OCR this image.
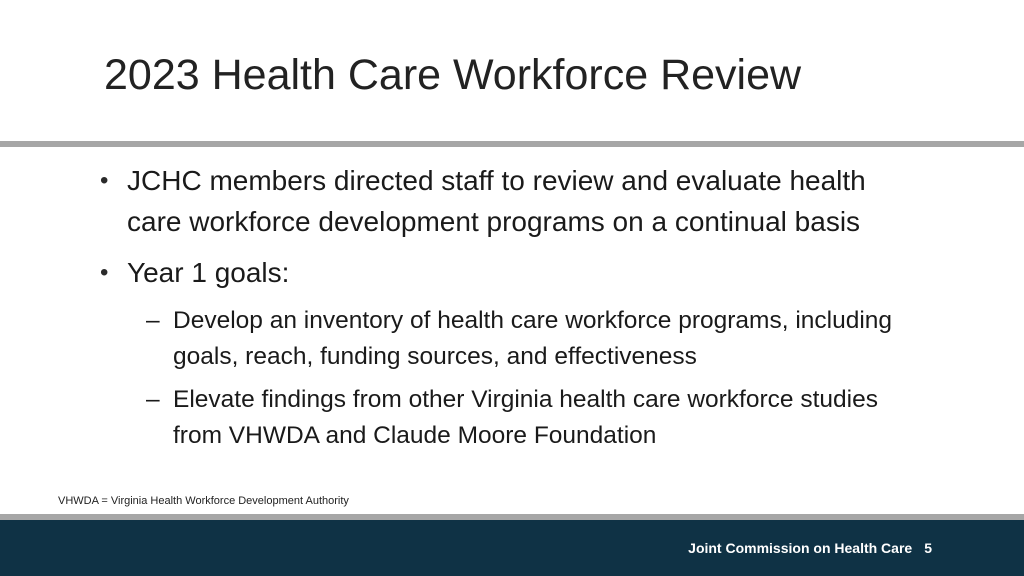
2023 Health Care Workforce Review
• JCHC members directed staff to review and evaluate health care workforce development programs on a continual basis
• Year 1 goals:
– Develop an inventory of health care workforce programs, including goals, reach, funding sources, and effectiveness
– Elevate findings from other Virginia health care workforce studies from VHWDA and Claude Moore Foundation
VHWDA = Virginia Health Workforce Development Authority
Joint Commission on Health Care 5
